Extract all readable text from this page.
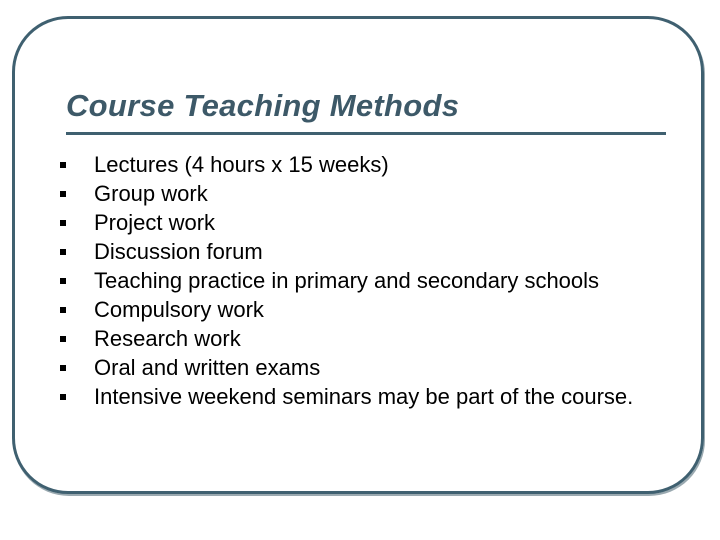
Course Teaching Methods
Lectures (4 hours x 15 weeks)
Group work
Project work
Discussion forum
Teaching practice in primary and secondary schools
Compulsory work
Research work
Oral and written exams
Intensive weekend seminars may be part of the course.
